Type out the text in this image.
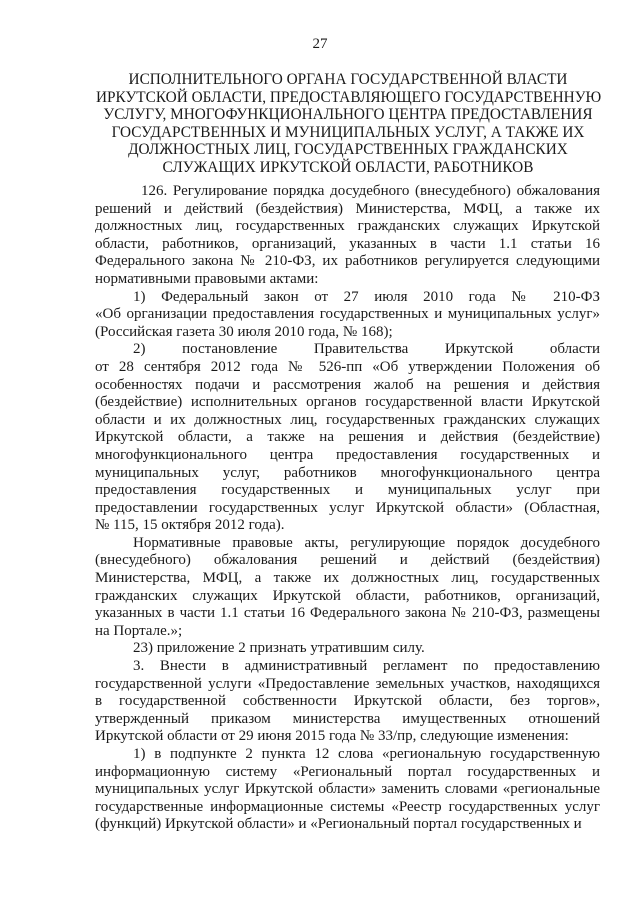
27
ИСПОЛНИТЕЛЬНОГО ОРГАНА ГОСУДАРСТВЕННОЙ ВЛАСТИ
ИРКУТСКОЙ ОБЛАСТИ, ПРЕДОСТАВЛЯЮЩЕГО ГОСУДАРСТВЕННУЮ
УСЛУГУ, МНОГОФУНКЦИОНАЛЬНОГО ЦЕНТРА ПРЕДОСТАВЛЕНИЯ
ГОСУДАРСТВЕННЫХ И МУНИЦИПАЛЬНЫХ УСЛУГ, А ТАКЖЕ ИХ
ДОЛЖНОСТНЫХ ЛИЦ, ГОСУДАРСТВЕННЫХ ГРАЖДАНСКИХ
СЛУЖАЩИХ ИРКУТСКОЙ ОБЛАСТИ, РАБОТНИКОВ
126. Регулирование порядка досудебного (внесудебного) обжалования
решений и действий (бездействия) Министерства, МФЦ, а также их
должностных лиц, государственных гражданских служащих Иркутской
области, работников, организаций, указанных в части 1.1 статьи 16
Федерального закона № 210-ФЗ, их работников регулируется следующими
нормативными правовыми актами:
1) Федеральный закон от 27 июля 2010 года № 210-ФЗ
«Об организации предоставления государственных и муниципальных услуг»
(Российская газета 30 июля 2010 года, № 168);
2) постановление Правительства Иркутской области
от 28 сентября 2012 года № 526-пп «Об утверждении Положения об
особенностях подачи и рассмотрения жалоб на решения и действия
(бездействие) исполнительных органов государственной власти Иркутской
области и их должностных лиц, государственных гражданских служащих
Иркутской области, а также на решения и действия (бездействие)
многофункционального центра предоставления государственных и
муниципальных услуг, работников многофункционального центра
предоставления государственных и муниципальных услуг при
предоставлении государственных услуг Иркутской области» (Областная,
№ 115, 15 октября 2012 года).
Нормативные правовые акты, регулирующие порядок досудебного
(внесудебного) обжалования решений и действий (бездействия)
Министерства, МФЦ, а также их должностных лиц, государственных
гражданских служащих Иркутской области, работников, организаций,
указанных в части 1.1 статьи 16 Федерального закона № 210-ФЗ, размещены
на Портале.»;
23) приложение 2 признать утратившим силу.
3. Внести в административный регламент по предоставлению
государственной услуги «Предоставление земельных участков, находящихся
в государственной собственности Иркутской области, без торгов»,
утвержденный приказом министерства имущественных отношений
Иркутской области от 29 июня 2015 года № 33/пр, следующие изменения:
1) в подпункте 2 пункта 12 слова «региональную государственную
информационную систему «Региональный портал государственных и
муниципальных услуг Иркутской области» заменить словами «региональные
государственные информационные системы «Реестр государственных услуг
(функций) Иркутской области» и «Региональный портал государственных и
